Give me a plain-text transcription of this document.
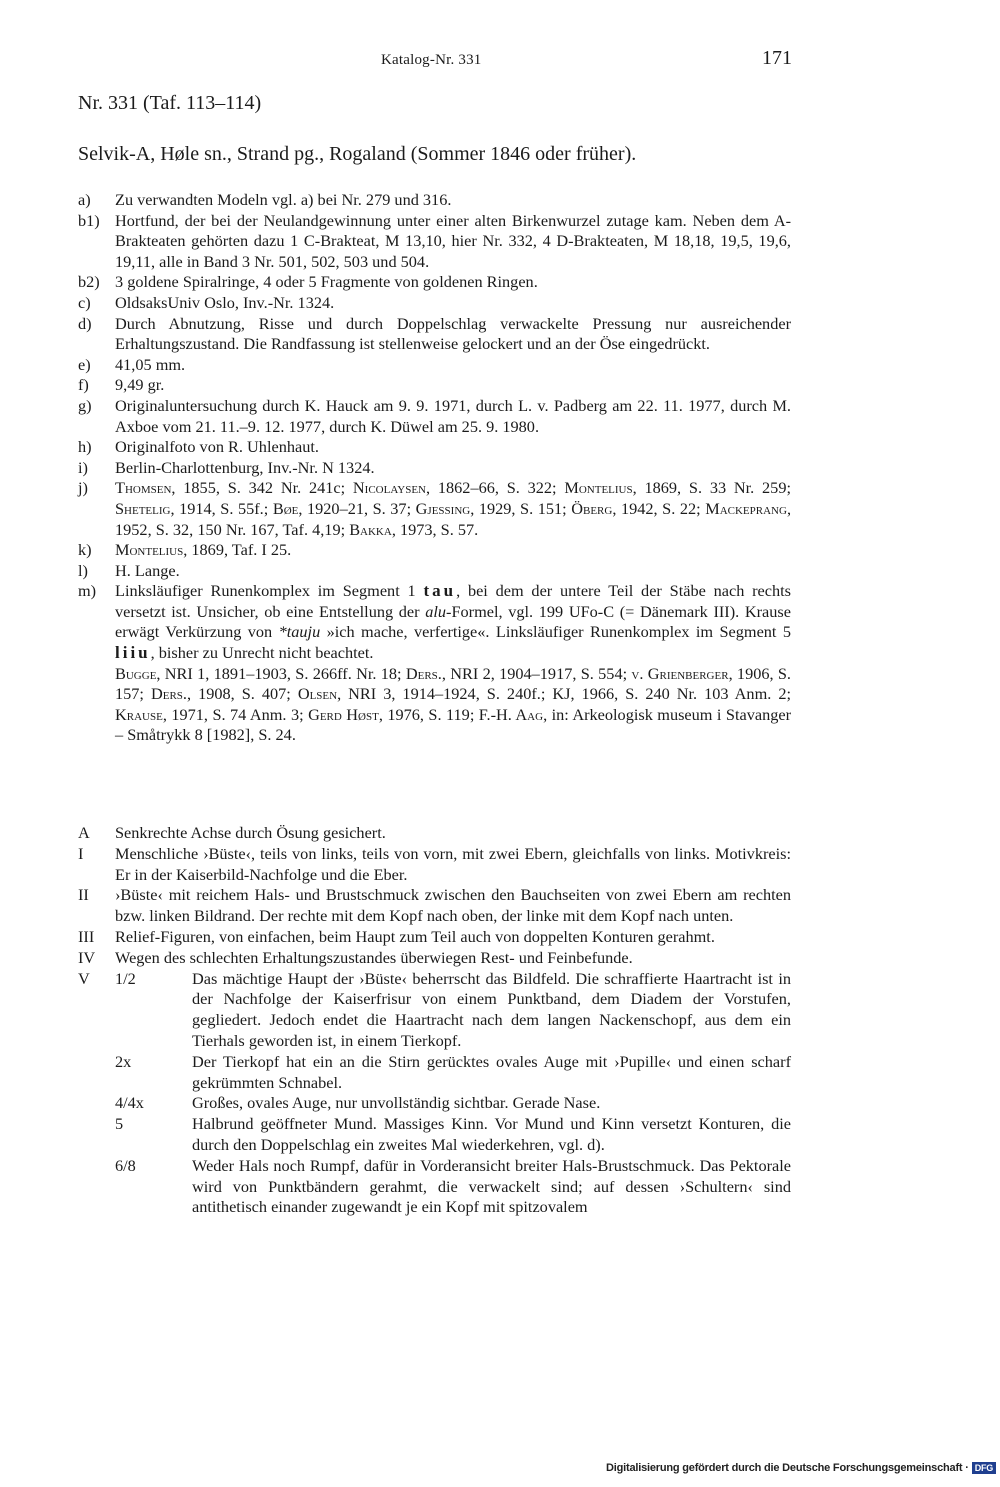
Katalog-Nr. 331	171
Nr. 331 (Taf. 113–114)
Selvik-A, Høle sn., Strand pg., Rogaland (Sommer 1846 oder früher).
a)	Zu verwandten Modeln vgl. a) bei Nr. 279 und 316.
b1) Hortfund, der bei der Neulandgewinnung unter einer alten Birkenwurzel zutage kam. Neben dem A-Brakteaten gehörten dazu 1 C-Brakteat, M 13,10, hier Nr. 332, 4 D-Brakteaten, M 18,18, 19,5, 19,6, 19,11, alle in Band 3 Nr. 501, 502, 503 und 504.
b2) 3 goldene Spiralringe, 4 oder 5 Fragmente von goldenen Ringen.
c)	OldsaksUniv Oslo, Inv.-Nr. 1324.
d)	Durch Abnutzung, Risse und durch Doppelschlag verwackelte Pressung nur ausreichender Erhaltungszustand. Die Randfassung ist stellenweise gelockert und an der Öse eingedrückt.
e)	41,05 mm.
f)	9,49 gr.
g)	Originaluntersuchung durch K. Hauck am 9. 9. 1971, durch L. v. Padberg am 22. 11. 1977, durch M. Axboe vom 21. 11.–9. 12. 1977, durch K. Düwel am 25. 9. 1980.
h)	Originalfoto von R. Uhlenhaut.
i)	Berlin-Charlottenburg, Inv.-Nr. N 1324.
j)	Thomsen, 1855, S. 342 Nr. 241c; Nicolaysen, 1862–66, S. 322; Montelius, 1869, S. 33 Nr. 259; Shetelig, 1914, S. 55f.; Bøe, 1920–21, S. 37; Gjessing, 1929, S. 151; Öberg, 1942, S. 22; Mackeprang, 1952, S. 32, 150 Nr. 167, Taf. 4,19; Bakka, 1973, S. 57.
k)	Montelius, 1869, Taf. I 25.
l)	H. Lange.
m)	Linksläufiger Runenkomplex im Segment 1 tau, bei dem der untere Teil der Stäbe nach rechts versetzt ist. Unsicher, ob eine Entstellung der alu-Formel, vgl. 199 UFo-C (= Dänemark III). Krause erwägt Verkürzung von *tauju »ich mache, verfertige«. Linksläufiger Runenkomplex im Segment 5 liiu, bisher zu Unrecht nicht beachtet.
Bugge, NRI 1, 1891–1903, S. 266ff. Nr. 18; Ders., NRI 2, 1904–1917, S. 554; v. Grienberger, 1906, S. 157; Ders., 1908, S. 407; Olsen, NRI 3, 1914–1924, S. 240f.; KJ, 1966, S. 240 Nr. 103 Anm. 2; Krause, 1971, S. 74 Anm. 3; Gerd Høst, 1976, S. 119; F.-H. Aag, in: Arkeologisk museum i Stavanger – Småtrykk 8 [1982], S. 24.
A	Senkrechte Achse durch Ösung gesichert.
I	Menschliche ›Büste‹, teils von links, teils von vorn, mit zwei Ebern, gleichfalls von links. Motivkreis: Er in der Kaiserbild-Nachfolge und die Eber.
II	›Büste‹ mit reichem Hals- und Brustschmuck zwischen den Bauchseiten von zwei Ebern am rechten bzw. linken Bildrand. Der rechte mit dem Kopf nach oben, der linke mit dem Kopf nach unten.
III	Relief-Figuren, von einfachen, beim Haupt zum Teil auch von doppelten Konturen gerahmt.
IV	Wegen des schlechten Erhaltungszustandes überwiegen Rest- und Feinbefunde.
V	1/2	Das mächtige Haupt der ›Büste‹ beherrscht das Bildfeld. Die schraffierte Haartracht ist in der Nachfolge der Kaiserfrisur von einem Punktband, dem Diadem der Vorstufen, gegliedert. Jedoch endet die Haartracht nach dem langen Nackenschopf, aus dem ein Tierhals geworden ist, in einem Tierkopf.
2x	Der Tierkopf hat ein an die Stirn gerücktes ovales Auge mit ›Pupille‹ und einen scharf gekrümmten Schnabel.
4/4x	Großes, ovales Auge, nur unvollständig sichtbar. Gerade Nase.
5	Halbrund geöffneter Mund. Massiges Kinn. Vor Mund und Kinn versetzt Konturen, die durch den Doppelschlag ein zweites Mal wiederkehren, vgl. d).
6/8	Weder Hals noch Rumpf, dafür in Vorderansicht breiter Hals-Brustschmuck. Das Pektorale wird von Punktbändern gerahmt, die verwackelt sind; auf dessen ›Schultern‹ sind antithetisch einander zugewandt je ein Kopf mit spitzovalem
Digitalisierung gefördert durch die Deutsche Forschungsgemeinschaft · DFG
